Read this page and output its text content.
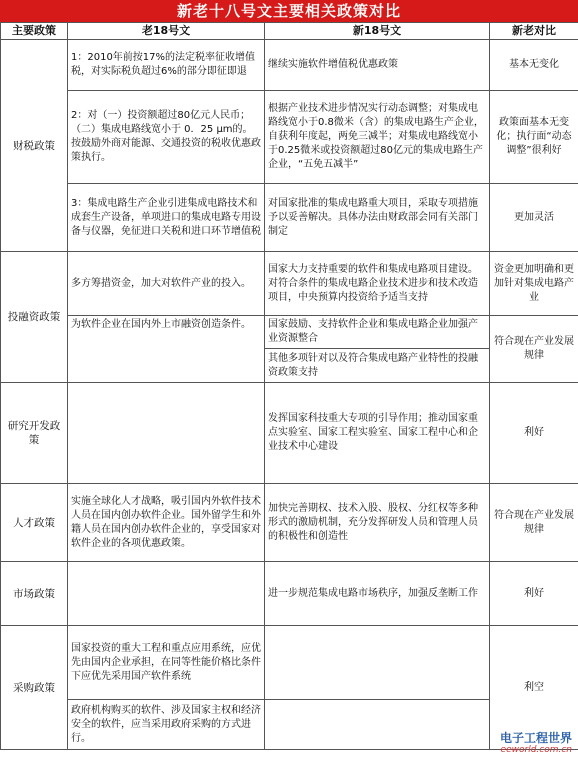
新老十八号文主要相关政策对比
主要政策	老18号文	新18号文	新老对比
财税政策	1：2010年前按17%的法定税率征收增值税，对实际税负超过6%的部分即征即退	继续实施软件增值税优惠政策	基本无变化
	2：对（一）投资额超过80亿元人民币；（二）集成电路线宽小于 0．25 μm的。按鼓励外商对能源、交通投资的税收优惠政策执行。	根据产业技术进步情况实行动态调整；对集成电路线宽小于0.8微米（含）的集成电路生产企业，自获利年度起，两免三减半；对集成电路线宽小于0.25微米或投资额超过80亿元的集成电路生产企业，“五免五减半”	政策面基本无变化；执行面“动态调整”很利好
	3：集成电路生产企业引进集成电路技术和成套生产设备，单项进口的集成电路专用设备与仪器，免征进口关税和进口环节增值税	对国家批准的集成电路重大项目，采取专项措施予以妥善解决。具体办法由财政部会同有关部门制定	更加灵活
投融资政策	多方筹措资金，加大对软件产业的投入。	国家大力支持重要的软件和集成电路项目建设。对符合条件的集成电路企业技术进步和技术改造项目，中央预算内投资给予适当支持	资金更加明确和更加针对集成电路产业
	为软件企业在国内外上市融资创造条件。	国家鼓励、支持软件企业和集成电路企业加强产业资源整合	符合现在产业发展规律
		其他多项针对以及符合集成电路产业特性的投融资政策支持	
研究开发政策		发挥国家科技重大专项的引导作用；推动国家重点实验室、国家工程实验室、国家工程中心和企业技术中心建设	利好
人才政策	实施全球化人才战略，吸引国内外软件技术人员在国内创办软件企业。国外留学生和外籍人员在国内创办软件企业的，享受国家对软件企业的各项优惠政策。	加快完善期权、技术入股、股权、分红权等多种形式的激励机制，充分发挥研发人员和管理人员的积极性和创造性	符合现在产业发展规律
市场政策		进一步规范集成电路市场秩序，加强反垄断工作	利好
采购政策	国家投资的重大工程和重点应用系统，应优先由国内企业承担，在同等性能价格比条件下应优先采用国产软件系统		利空
	政府机构购买的软件、涉及国家主权和经济安全的软件，应当采用政府采购的方式进行。			电子工程世界
eeworld.com.cn
